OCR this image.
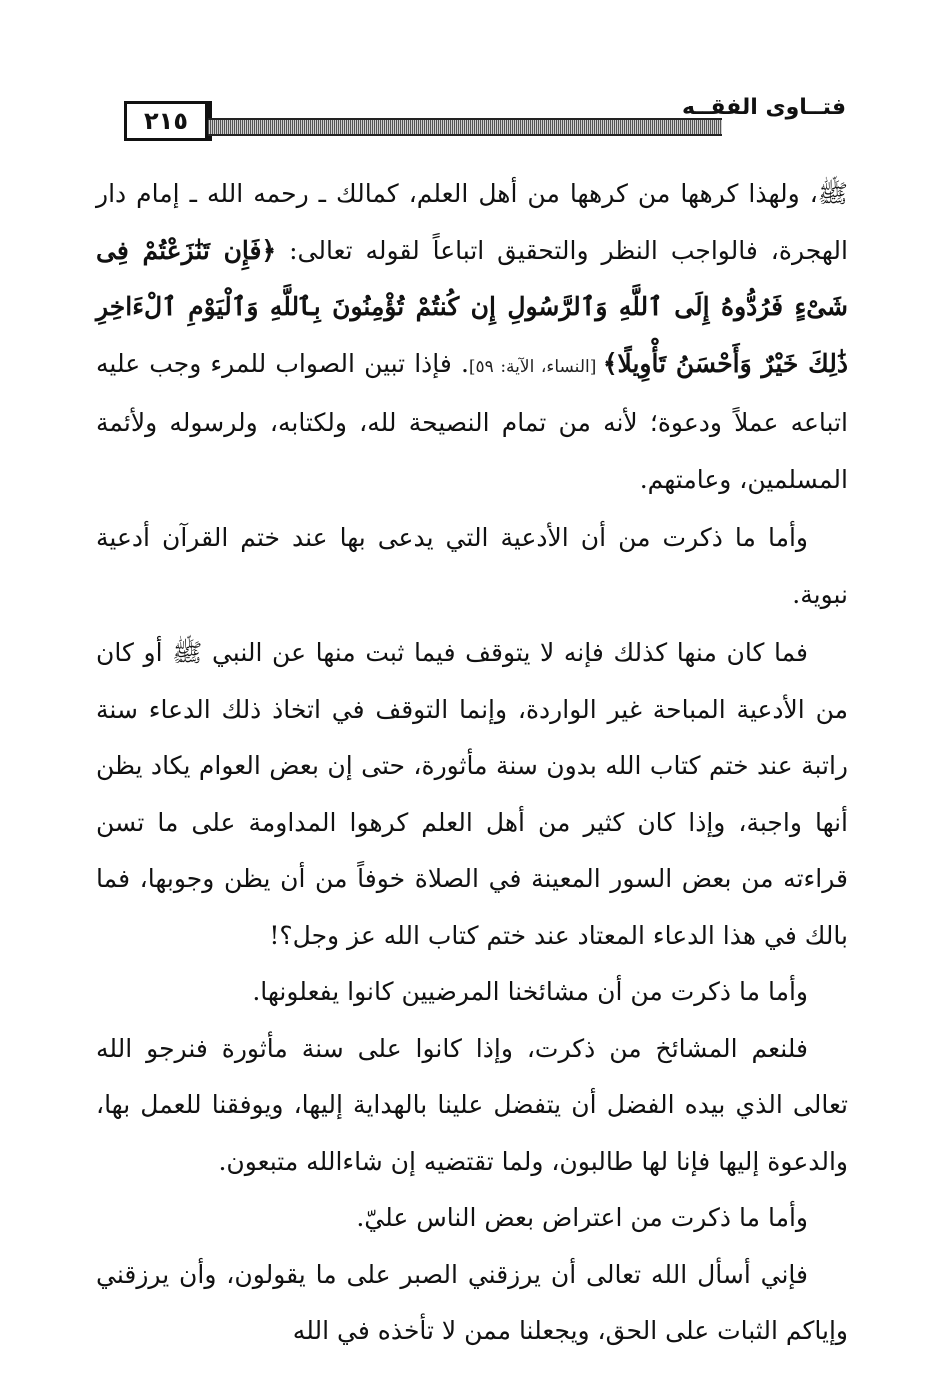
٢١٥	فتــاوى الفقــه

ﷺ، ولهذا كرهها من كرهها من أهل العلم، كمالك ـ رحمه الله ـ إمام دار الهجرة، فالواجب النظر والتحقيق اتباعاً لقوله تعالى: ﴿فَإِن تَنَٰزَعْتُمْ فِى شَىْءٍ فَرُدُّوهُ إِلَى ٱللَّهِ وَٱلرَّسُولِ إِن كُنتُمْ تُؤْمِنُونَ بِٱللَّهِ وَٱلْيَوْمِ ٱلْءَاخِرِ ذَٰلِكَ خَيْرٌ وَأَحْسَنُ تَأْوِيلًا﴾ [النساء، الآية: ٥٩]. فإذا تبين الصواب للمرء وجب عليه اتباعه عملاً ودعوة؛ لأنه من تمام النصيحة لله، ولكتابه، ولرسوله ولأئمة المسلمين، وعامتهم.

وأما ما ذكرت من أن الأدعية التي يدعى بها عند ختم القرآن أدعية نبوية.

فما كان منها كذلك فإنه لا يتوقف فيما ثبت منها عن النبي ﷺ أو كان من الأدعية المباحة غير الواردة، وإنما التوقف في اتخاذ ذلك الدعاء سنة راتبة عند ختم كتاب الله بدون سنة مأثورة، حتى إن بعض العوام يكاد يظن أنها واجبة، وإذا كان كثير من أهل العلم كرهوا المداومة على ما تسن قراءته من بعض السور المعينة في الصلاة خوفاً من أن يظن وجوبها، فما بالك في هذا الدعاء المعتاد عند ختم كتاب الله عز وجل؟!

وأما ما ذكرت من أن مشائخنا المرضيين كانوا يفعلونها.

فلنعم المشائخ من ذكرت، وإذا كانوا على سنة مأثورة فنرجو الله تعالى الذي بيده الفضل أن يتفضل علينا بالهداية إليها، ويوفقنا للعمل بها، والدعوة إليها فإنا لها طالبون، ولما تقتضيه إن شاءالله متبعون.

وأما ما ذكرت من اعتراض بعض الناس عليّ.

فإني أسأل الله تعالى أن يرزقني الصبر على ما يقولون، وأن يرزقني وإياكم الثبات على الحق، ويجعلنا ممن لا تأخذه في الله
